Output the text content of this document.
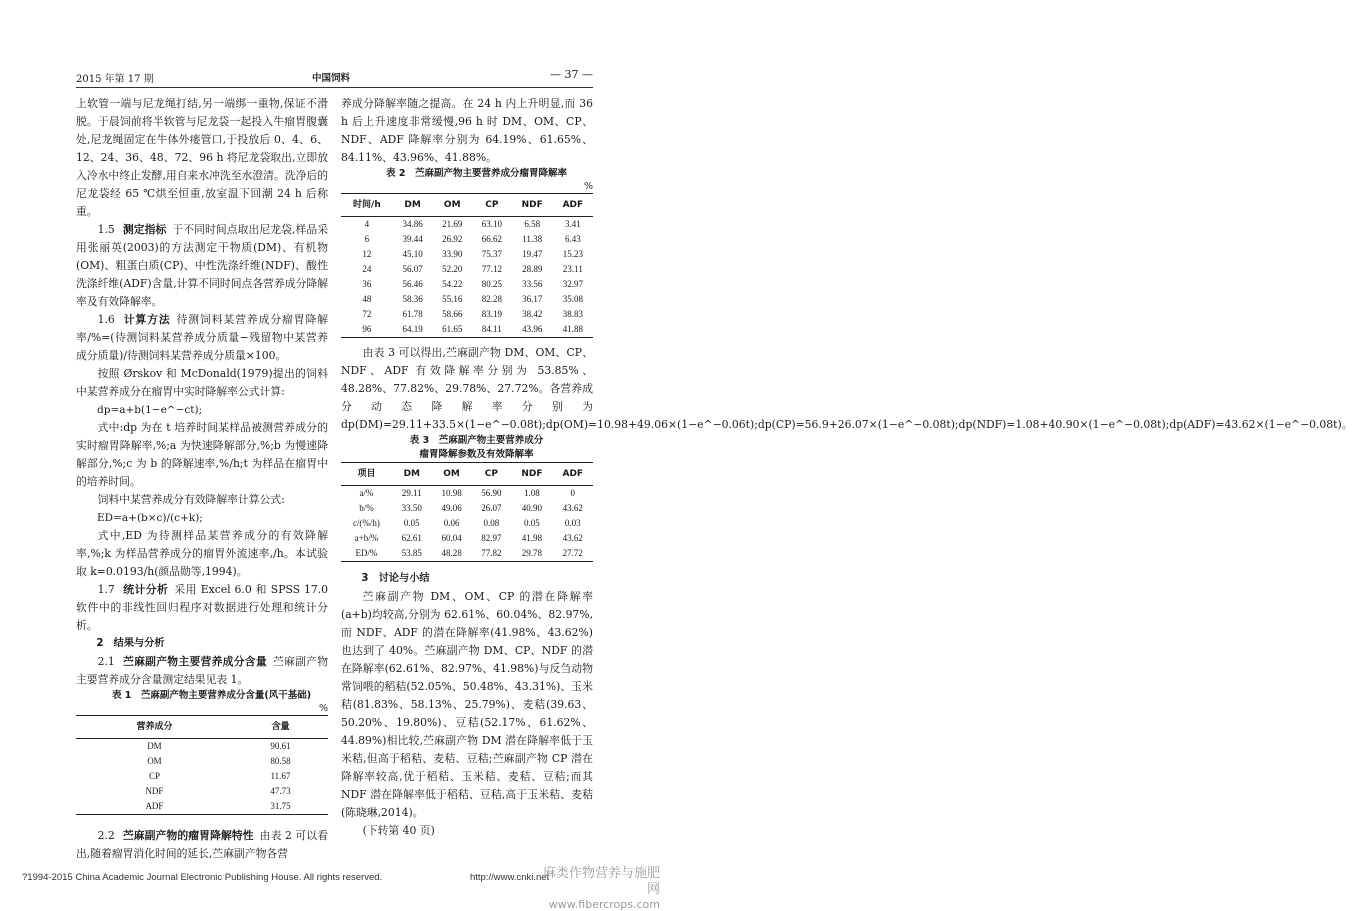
2015 年第 17 期	中国饲料	— 37 —

上软管一端与尼龙绳打结,另一端绑一重物,保证不滑脱。于晨饲前将半软管与尼龙袋一起投入牛瘤胃腹囊处,尼龙绳固定在牛体外瘘管口,于投放后 0、4、6、12、24、36、48、72、96 h 将尼龙袋取出,立即放入冷水中终止发酵,用自来水冲洗至水澄清。洗净后的尼龙袋经 65 ℃烘至恒重,放室温下回潮 24 h 后称重。

1.5 测定指标 于不同时间点取出尼龙袋,样品采用张丽英(2003)的方法测定干物质(DM)、有机物(OM)、粗蛋白质(CP)、中性洗涤纤维(NDF)、酸性洗涤纤维(ADF)含量,计算不同时间点各营养成分降解率及有效降解率。

1.6 计算方法 待测饲料某营养成分瘤胃降解率/%=(待测饲料某营养成分质量−残留物中某营养成分质量)/待测饲料某营养成分质量×100。

按照 Ørskov 和 McDonald(1979)提出的饲料中某营养成分在瘤胃中实时降解率公式计算:

dp=a+b(1−e^−ct);

式中:dp 为在 t 培养时间某样品被测营养成分的实时瘤胃降解率,%;a 为快速降解部分,%;b 为慢速降解部分,%;c 为 b 的降解速率,%/h;t 为样品在瘤胃中的培养时间。

饲料中某营养成分有效降解率计算公式:

ED=a+(b×c)/(c+k);

式中,ED 为待测样品某营养成分的有效降解率,%;k 为样品营养成分的瘤胃外流速率,/h。本试验取 k=0.0193/h(颜品勋等,1994)。

1.7 统计分析 采用 Excel 6.0 和 SPSS 17.0 软件中的非线性回归程序对数据进行处理和统计分析。

2　结果与分析

2.1 苎麻副产物主要营养成分含量 苎麻副产物主要营养成分含量测定结果见表 1。

表 1　苎麻副产物主要营养成分含量(风干基础)

%

营养成分	含量
DM	90.61
OM	80.58
CP	11.67
NDF	47.73
ADF	31.75

2.2 苎麻副产物的瘤胃降解特性 由表 2 可以看出,随着瘤胃消化时间的延长,苎麻副产物各营

养成分降解率随之提高。在 24 h 内上升明显,而 36 h 后上升速度非常缓慢,96 h 时 DM、OM、CP、NDF、ADF 降解率分别为 64.19%、61.65%、84.11%、43.96%、41.88%。

表 2　苎麻副产物主要营养成分瘤胃降解率

%

时间/h	DM	OM	CP	NDF	ADF
4	34.86	21.69	63.10	6.58	3.41
6	39.44	26.92	66.62	11.38	6.43
12	45.10	33.90	75.37	19.47	15.23
24	56.07	52.20	77.12	28.89	23.11
36	56.46	54.22	80.25	33.56	32.97
48	58.36	55.16	82.28	36.17	35.08
72	61.78	58.66	83.19	38.42	38.83
96	64.19	61.65	84.11	43.96	41.88

由表 3 可以得出,苎麻副产物 DM、OM、CP、NDF、ADF 有效降解率分别为 53.85%、48.28%、77.82%、29.78%、27.72%。各营养成分动态降解率分别为 dp(DM)=29.11+33.5×(1−e^−0.08t);dp(OM)=10.98+49.06×(1−e^−0.06t);dp(CP)=56.9+26.07×(1−e^−0.08t);dp(NDF)=1.08+40.90×(1−e^−0.08t);dp(ADF)=43.62×(1−e^−0.08t)。

表 3　苎麻副产物主要营养成分

瘤胃降解参数及有效降解率

项目	DM	OM	CP	NDF	ADF
a/%	29.11	10.98	56.90	1.08	0
b/%	33.50	49.06	26.07	40.90	43.62
c/(%/h)	0.05	0.06	0.08	0.05	0.03
a+b/%	62.61	60.04	82.97	41.98	43.62
ED/%	53.85	48.28	77.82	29.78	27.72

3　讨论与小结

苎麻副产物 DM、OM、CP 的潜在降解率(a+b)均较高,分别为 62.61%、60.04%、82.97%,而 NDF、ADF 的潜在降解率(41.98%、43.62%)也达到了 40%。苎麻副产物 DM、CP、NDF 的潜在降解率(62.61%、82.97%、41.98%)与反刍动物常饲喂的稻秸(52.05%、50.48%、43.31%)、玉米秸(81.83%、58.13%、25.79%)、麦秸(39.63、50.20%、19.80%)、豆秸(52.17%、61.62%、44.89%)相比较,苎麻副产物 DM 潜在降解率低于玉米秸,但高于稻秸、麦秸、豆秸;苎麻副产物 CP 潜在降解率较高,优于稻秸、玉米秸、麦秸、豆秸;而其 NDF 潜在降解率低于稻秸、豆秸,高于玉米秸、麦秸(陈晓琳,2014)。

(下转第 40 页)

?1994-2015 China Academic Journal Electronic Publishing House. All rights reserved.	http://www.cnki.net
麻类作物营养与施肥网
www.fibercrops.com
